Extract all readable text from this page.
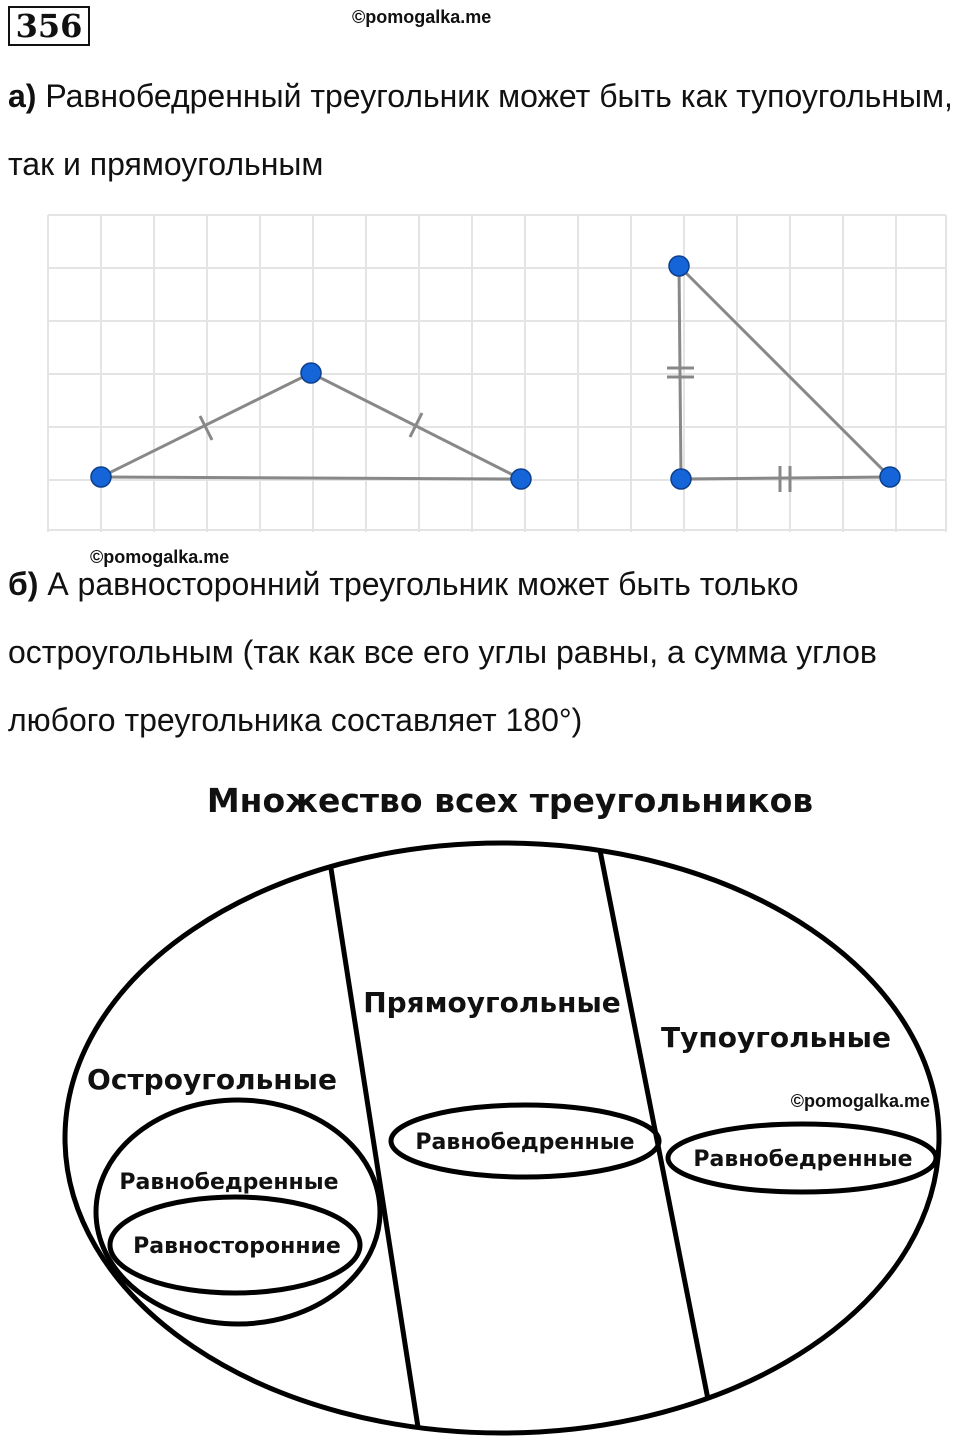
356	©pomogalka.me

а) Равнобедренный треугольник может быть как тупоугольным, так и прямоугольным

©pomogalka.me

б) А равносторонний треугольник может быть только остроугольным (так как все его углы равны, а сумма углов любого треугольника составляет 180°)

Множество всех треугольников
Остроугольные
Прямоугольные
Тупоугольные
Равнобедренные
Равносторонние
Равнобедренные
Равнобедренные
©pomogalka.me
